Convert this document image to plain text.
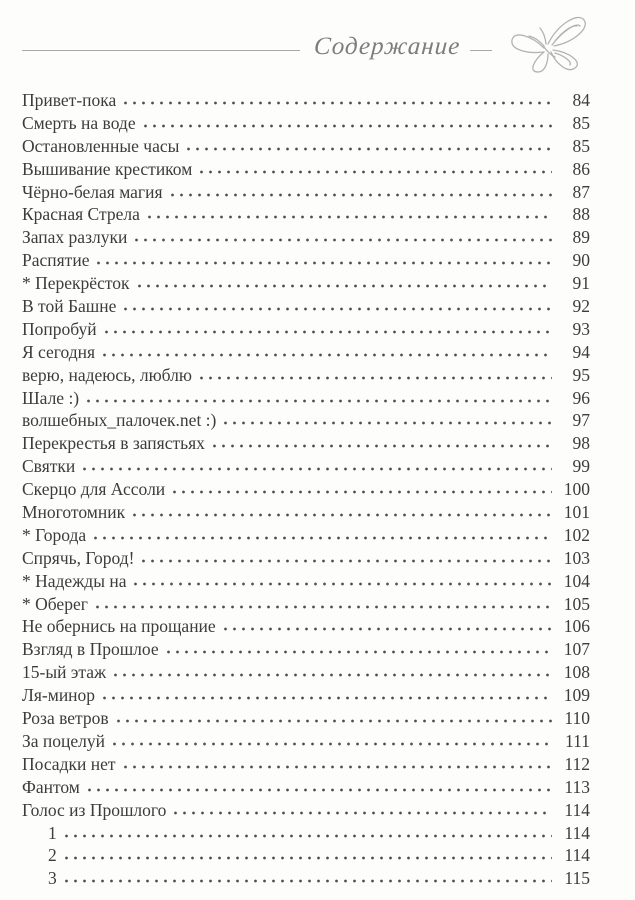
Содержание
Привет-пока	84
Смерть на воде	85
Остановленные часы	85
Вышивание крестиком	86
Чёрно-белая магия	87
Красная Стрела	88
Запах разлуки	89
Распятие	90
* Перекрёсток	91
В той Башне	92
Попробуй	93
Я сегодня	94
верю, надеюсь, люблю	95
Шале :)	96
волшебных_палочек.net :)	97
Перекрестья в запястьях	98
Святки	99
Скерцо для Ассоли	100
Многотомник	101
* Города	102
Спрячь, Город!	103
* Надежды на	104
* Оберег	105
Не обернись на прощание	106
Взгляд в Прошлое	107
15-ый этаж	108
Ля-минор	109
Роза ветров	110
За поцелуй	111
Посадки нет	112
Фантом	113
Голос из Прошлого	114
1	114
2	114
3	115
